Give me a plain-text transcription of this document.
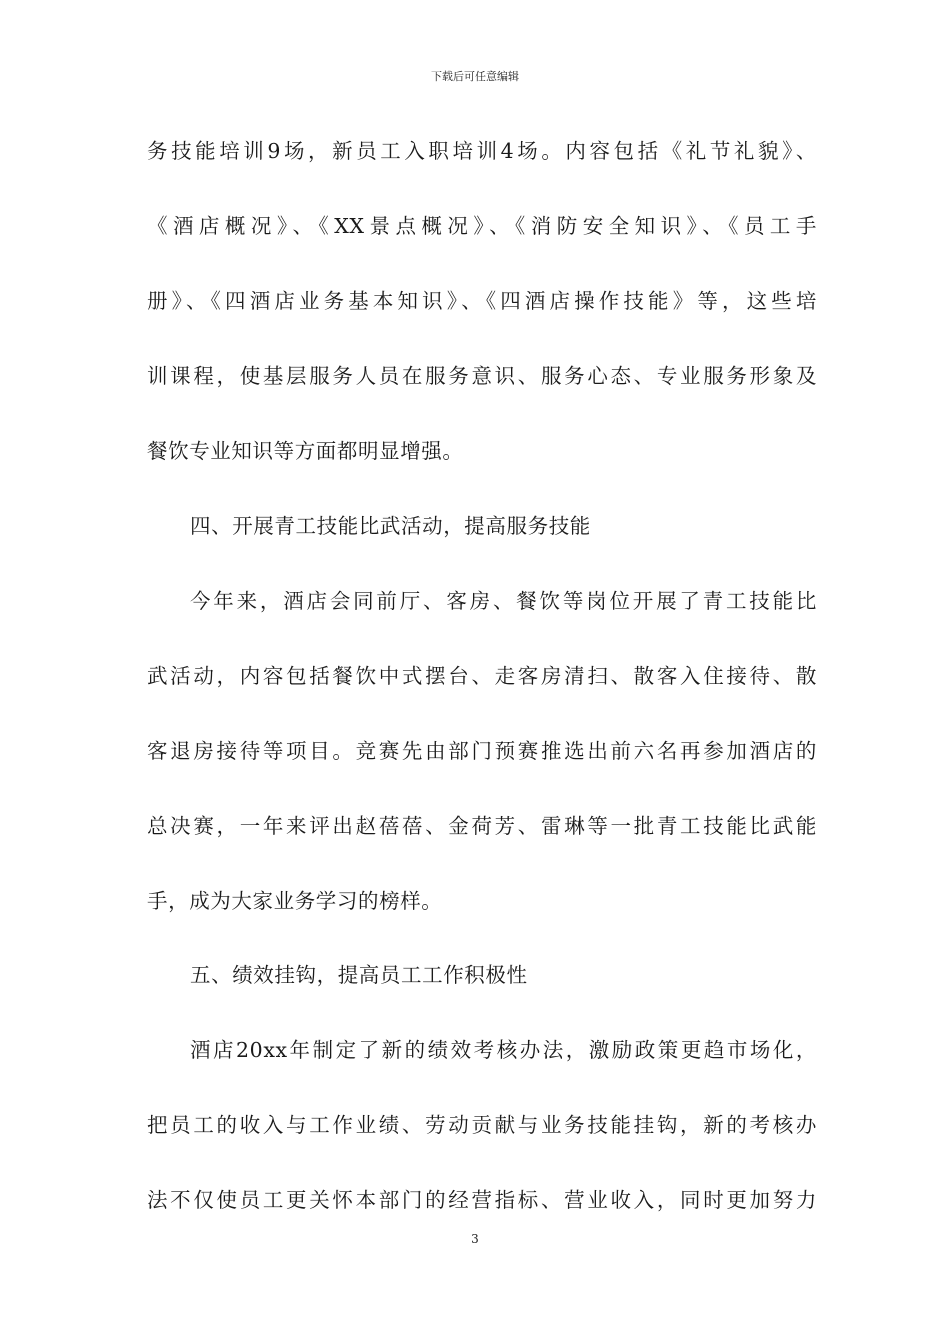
下载后可任意编辑
务技能培训9场，新员工入职培训4场。内容包括《礼节礼貌》、
《酒店概况》、《XX景点概况》、《消防安全知识》、《员工手
册》、《四酒店业务基本知识》、《四酒店操作技能》等，这些培
训课程，使基层服务人员在服务意识、服务心态、专业服务形象及
餐饮专业知识等方面都明显增强。
四、开展青工技能比武活动，提高服务技能
今年来，酒店会同前厅、客房、餐饮等岗位开展了青工技能比
武活动，内容包括餐饮中式摆台、走客房清扫、散客入住接待、散
客退房接待等项目。竞赛先由部门预赛推选出前六名再参加酒店的
总决赛，一年来评出赵蓓蓓、金荷芳、雷琳等一批青工技能比武能
手，成为大家业务学习的榜样。
五、绩效挂钩，提高员工工作积极性
酒店20xx年制定了新的绩效考核办法，激励政策更趋市场化，
把员工的收入与工作业绩、劳动贡献与业务技能挂钩，新的考核办
法不仅使员工更关怀本部门的经营指标、营业收入，同时更加努力
3
